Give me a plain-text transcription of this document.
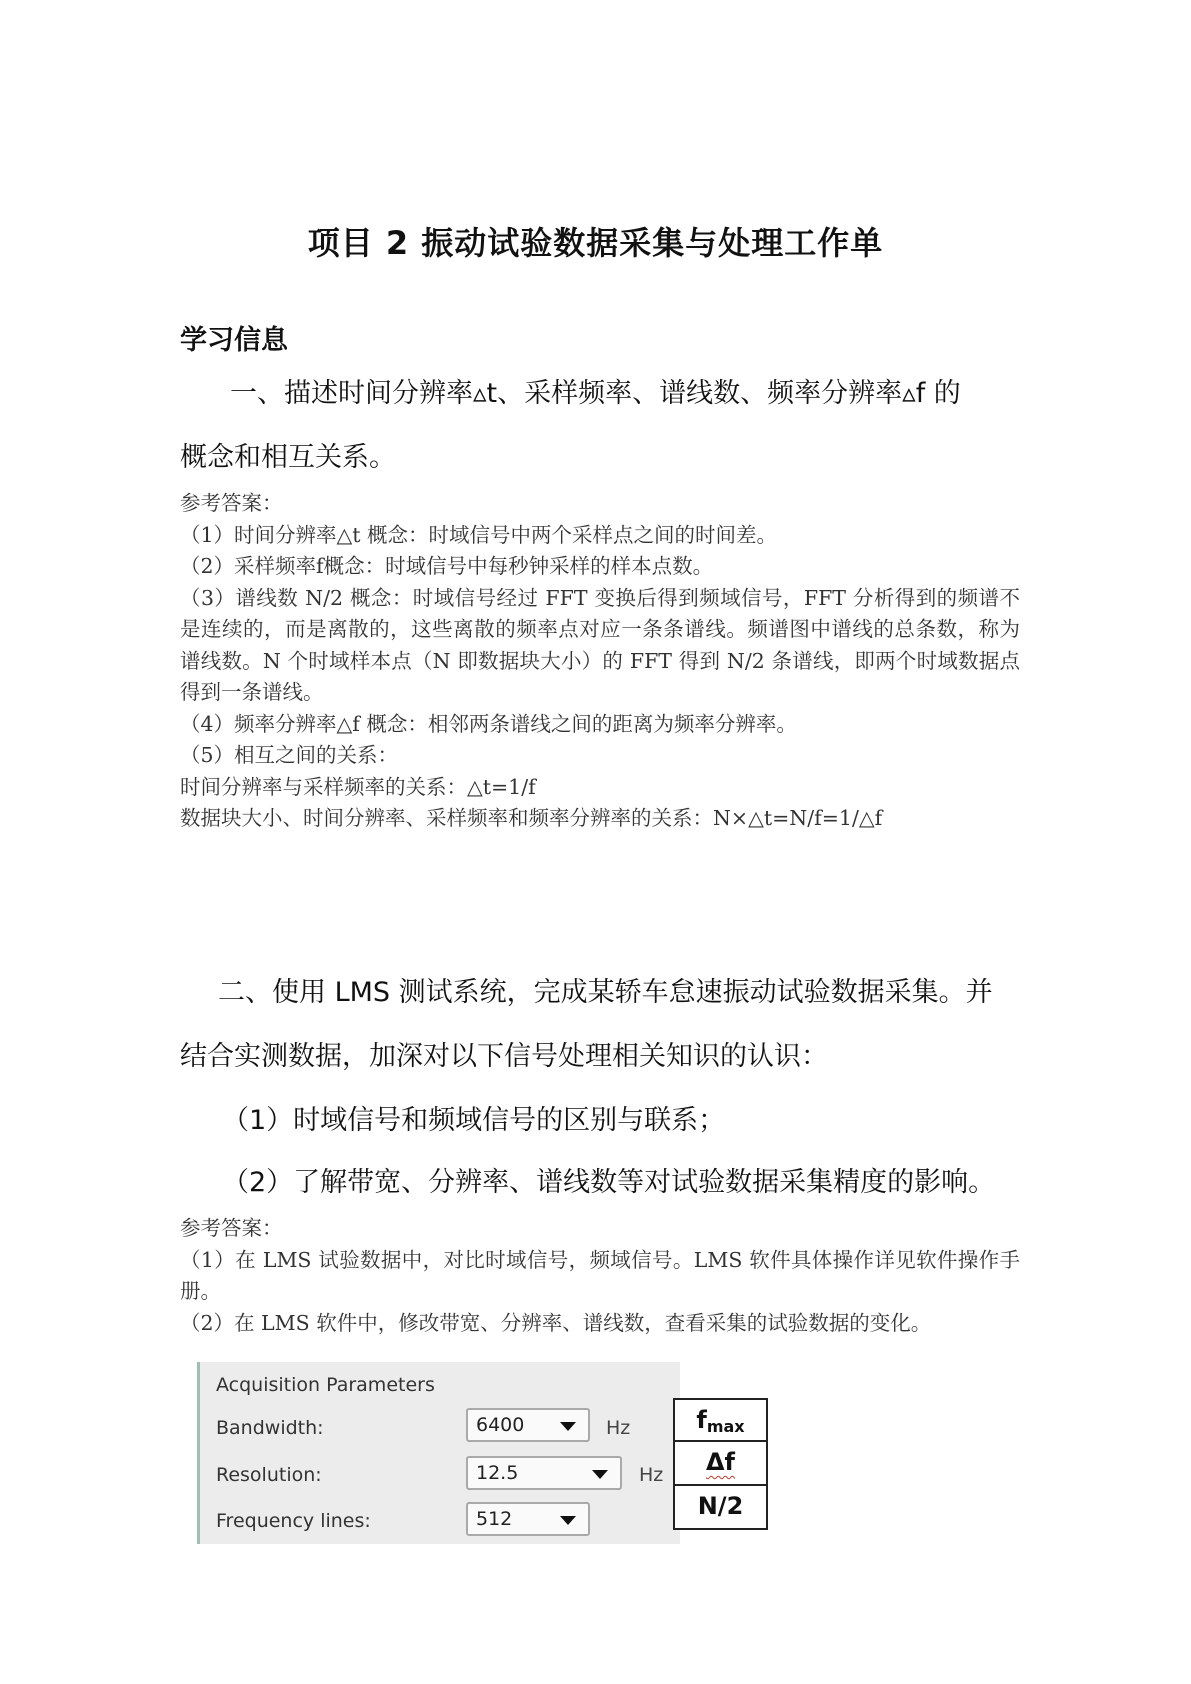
项目 2 振动试验数据采集与处理工作单
学习信息
一、描述时间分辨率▵t、采样频率、谱线数、频率分辨率▵f 的
概念和相互关系。

参考答案：

（1）时间分辨率△t 概念：时域信号中两个采样点之间的时间差。

（2）采样频率f概念：时域信号中每秒钟采样的样本点数。

（3）谱线数 N/2 概念：时域信号经过 FFT 变换后得到频域信号，FFT 分析得到的频谱不是连续的，而是离散的，这些离散的频率点对应一条条谱线。频谱图中谱线的总条数，称为谱线数。N 个时域样本点（N 即数据块大小）的 FFT 得到 N/2 条谱线，即两个时域数据点得到一条谱线。

（4）频率分辨率△f 概念：相邻两条谱线之间的距离为频率分辨率。

（5）相互之间的关系：

时间分辨率与采样频率的关系：△t=1/f

数据块大小、时间分辨率、采样频率和频率分辨率的关系：N×△t=N/f=1/△f

二、使用 LMS 测试系统，完成某轿车怠速振动试验数据采集。并
结合实测数据，加深对以下信号处理相关知识的认识：
（1）时域信号和频域信号的区别与联系；
（2）了解带宽、分辨率、谱线数等对试验数据采集精度的影响。

参考答案：

（1）在 LMS 试验数据中，对比时域信号，频域信号。LMS 软件具体操作详见软件操作手册。

（2）在 LMS 软件中，修改带宽、分辨率、谱线数，查看采集的试验数据的变化。

Acquisition Parameters
Bandwidth:	6400	Hz
Resolution:	12.5	Hz
Frequency lines:	512
$f_{max}$
Δf
N/2
